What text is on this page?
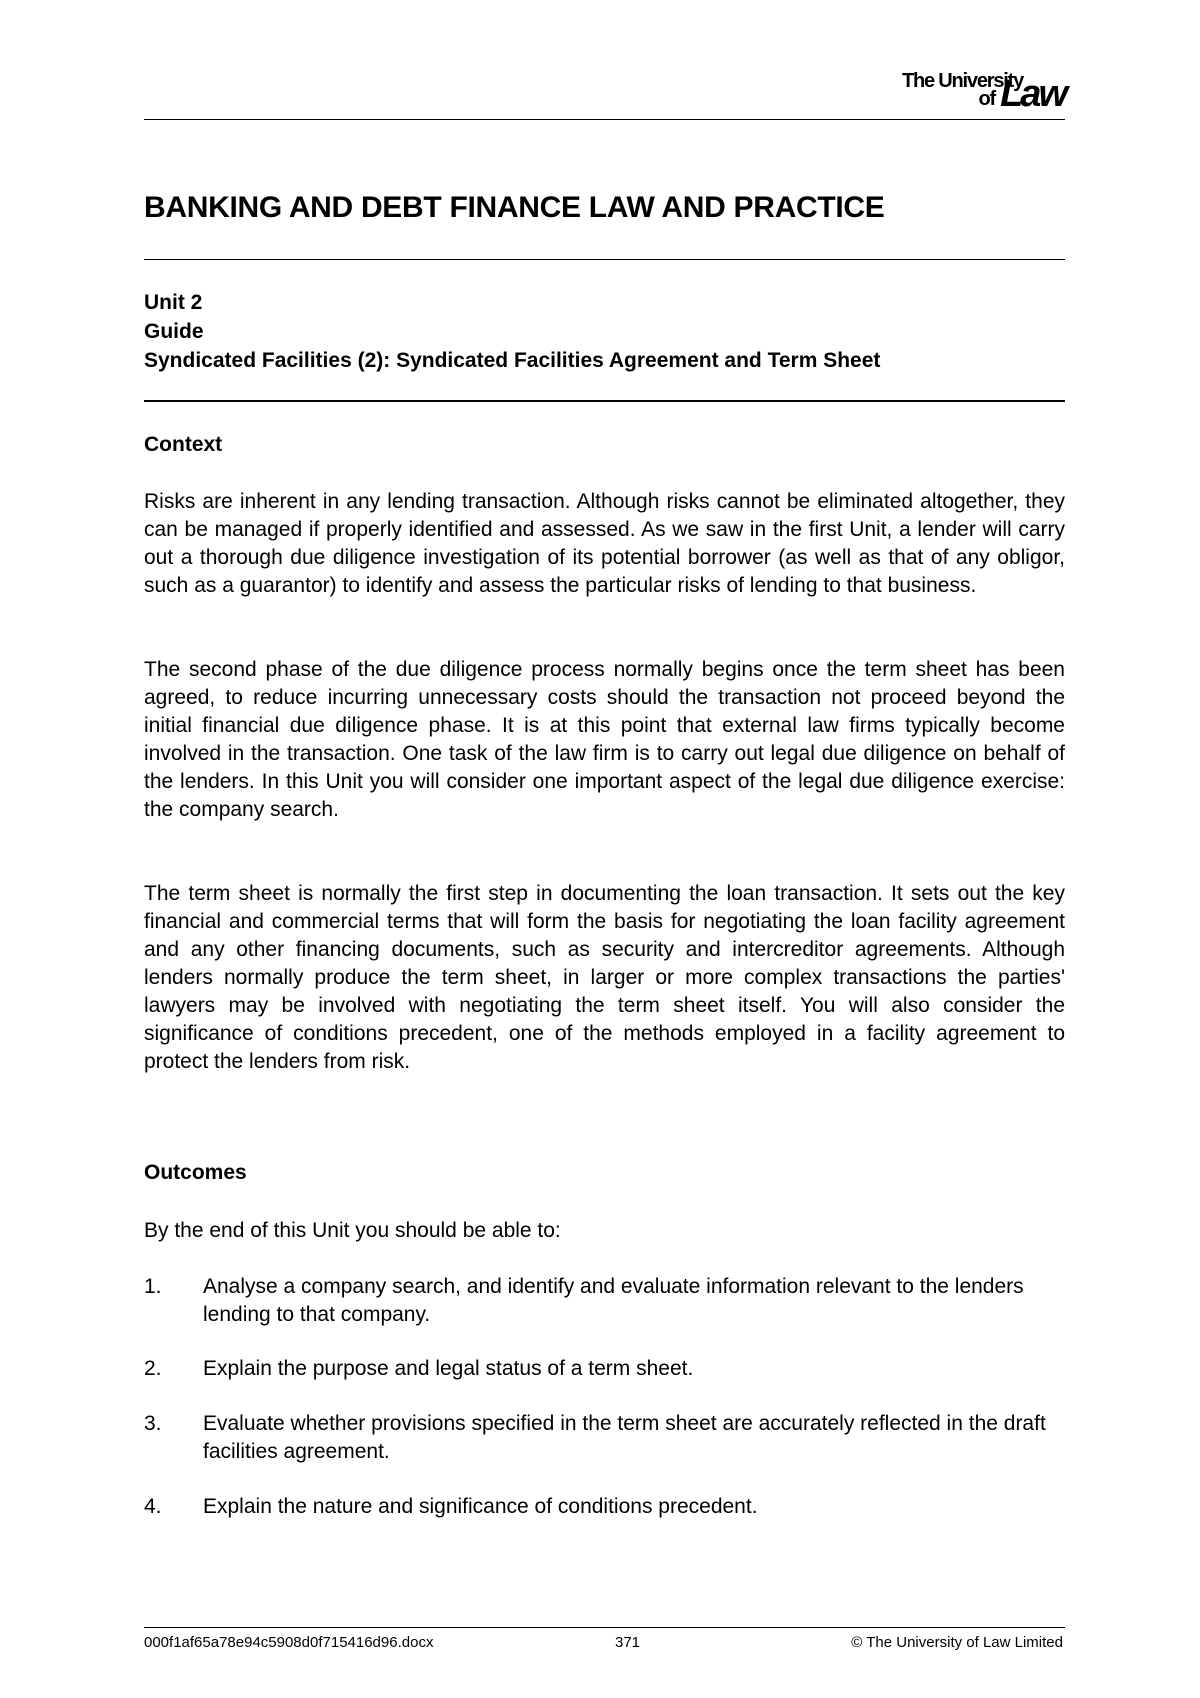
The University
of Law
BANKING AND DEBT FINANCE LAW AND PRACTICE
Unit 2
Guide
Syndicated Facilities (2): Syndicated Facilities Agreement and Term Sheet
Context

Risks are inherent in any lending transaction. Although risks cannot be eliminated altogether, they can be managed if properly identified and assessed. As we saw in the first Unit, a lender will carry out a thorough due diligence investigation of its potential borrower (as well as that of any obligor, such as a guarantor) to identify and assess the particular risks of lending to that business.

The second phase of the due diligence process normally begins once the term sheet has been agreed, to reduce incurring unnecessary costs should the transaction not proceed beyond the initial financial due diligence phase. It is at this point that external law firms typically become involved in the transaction. One task of the law firm is to carry out legal due diligence on behalf of the lenders. In this Unit you will consider one important aspect of the legal due diligence exercise: the company search.

The term sheet is normally the first step in documenting the loan transaction. It sets out the key financial and commercial terms that will form the basis for negotiating the loan facility agreement and any other financing documents, such as security and intercreditor agreements. Although lenders normally produce the term sheet, in larger or more complex transactions the parties' lawyers may be involved with negotiating the term sheet itself. You will also consider the significance of conditions precedent, one of the methods employed in a facility agreement to protect the lenders from risk.

Outcomes

By the end of this Unit you should be able to:

1. Analyse a company search, and identify and evaluate information relevant to the lenders lending to that company.
2. Explain the purpose and legal status of a term sheet.
3. Evaluate whether provisions specified in the term sheet are accurately reflected in the draft facilities agreement.
4. Explain the nature and significance of conditions precedent.
000f1af65a78e94c5908d0f715416d96.docx	371	© The University of Law Limited
